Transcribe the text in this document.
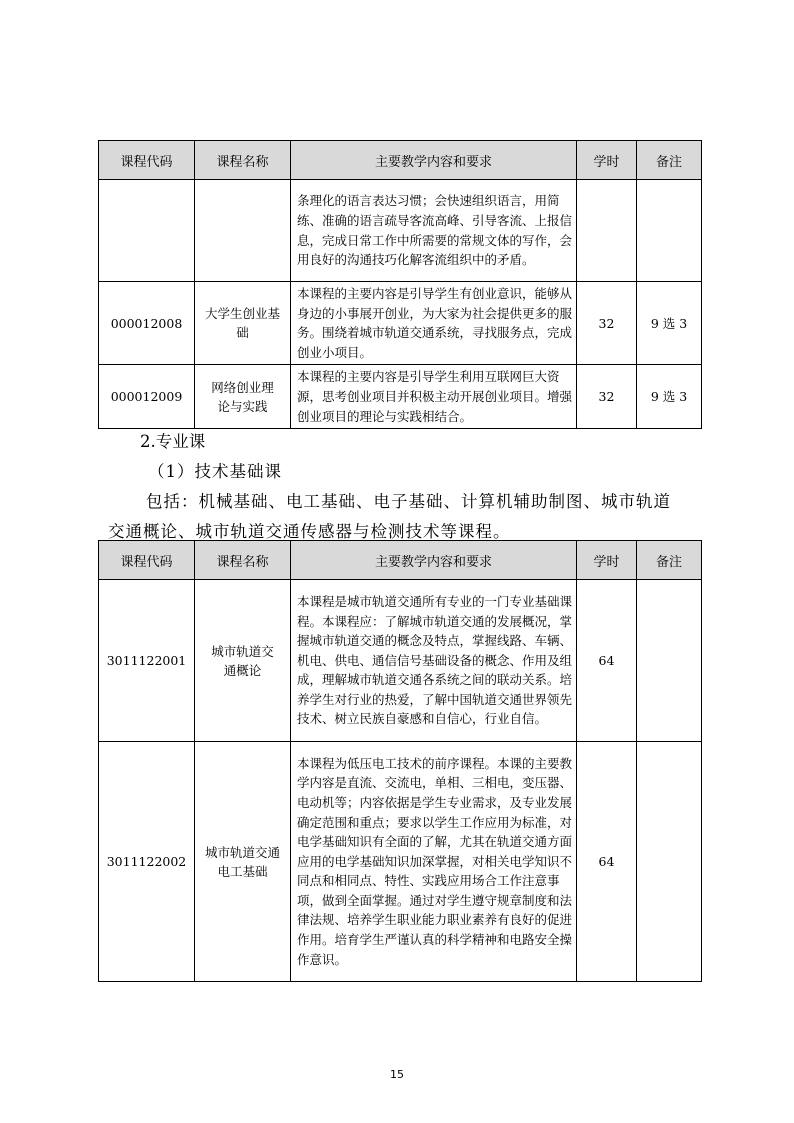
课程代码	课程名称	主要教学内容和要求	学时	备注
		条理化的语言表达习惯；会快速组织语言，用简练、准确的语言疏导客流高峰、引导客流、上报信息，完成日常工作中所需要的常规文体的写作，会用良好的沟通技巧化解客流组织中的矛盾。		
000012008	大学生创业基础	本课程的主要内容是引导学生有创业意识，能够从身边的小事展开创业，为大家为社会提供更多的服务。围绕着城市轨道交通系统，寻找服务点，完成创业小项目。	32	9 选 3
000012009	网络创业理论与实践	本课程的主要内容是引导学生利用互联网巨大资源，思考创业项目并积极主动开展创业项目。增强创业项目的理论与实践相结合。	32	9 选 3
2.专业课
（1）技术基础课
包括：机械基础、电工基础、电子基础、计算机辅助制图、城市轨道
交通概论、城市轨道交通传感器与检测技术等课程。
课程代码	课程名称	主要教学内容和要求	学时	备注
3011122001	城市轨道交通概论	本课程是城市轨道交通所有专业的一门专业基础课程。本课程应：了解城市轨道交通的发展概况，掌握城市轨道交通的概念及特点，掌握线路、车辆、机电、供电、通信信号基础设备的概念、作用及组成，理解城市轨道交通各系统之间的联动关系。培养学生对行业的热爱，了解中国轨道交通世界领先技术、树立民族自豪感和自信心，行业自信。	64	
3011122002	城市轨道交通电工基础	本课程为低压电工技术的前序课程。本课的主要教学内容是直流、交流电，单相、三相电，变压器、电动机等；内容依据是学生专业需求，及专业发展确定范围和重点；要求以学生工作应用为标准，对电学基础知识有全面的了解，尤其在轨道交通方面应用的电学基础知识加深掌握，对相关电学知识不同点和相同点、特性、实践应用场合工作注意事项，做到全面掌握。通过对学生遵守规章制度和法律法规、培养学生职业能力职业素养有良好的促进作用。培育学生严谨认真的科学精神和电路安全操作意识。	64	
15
